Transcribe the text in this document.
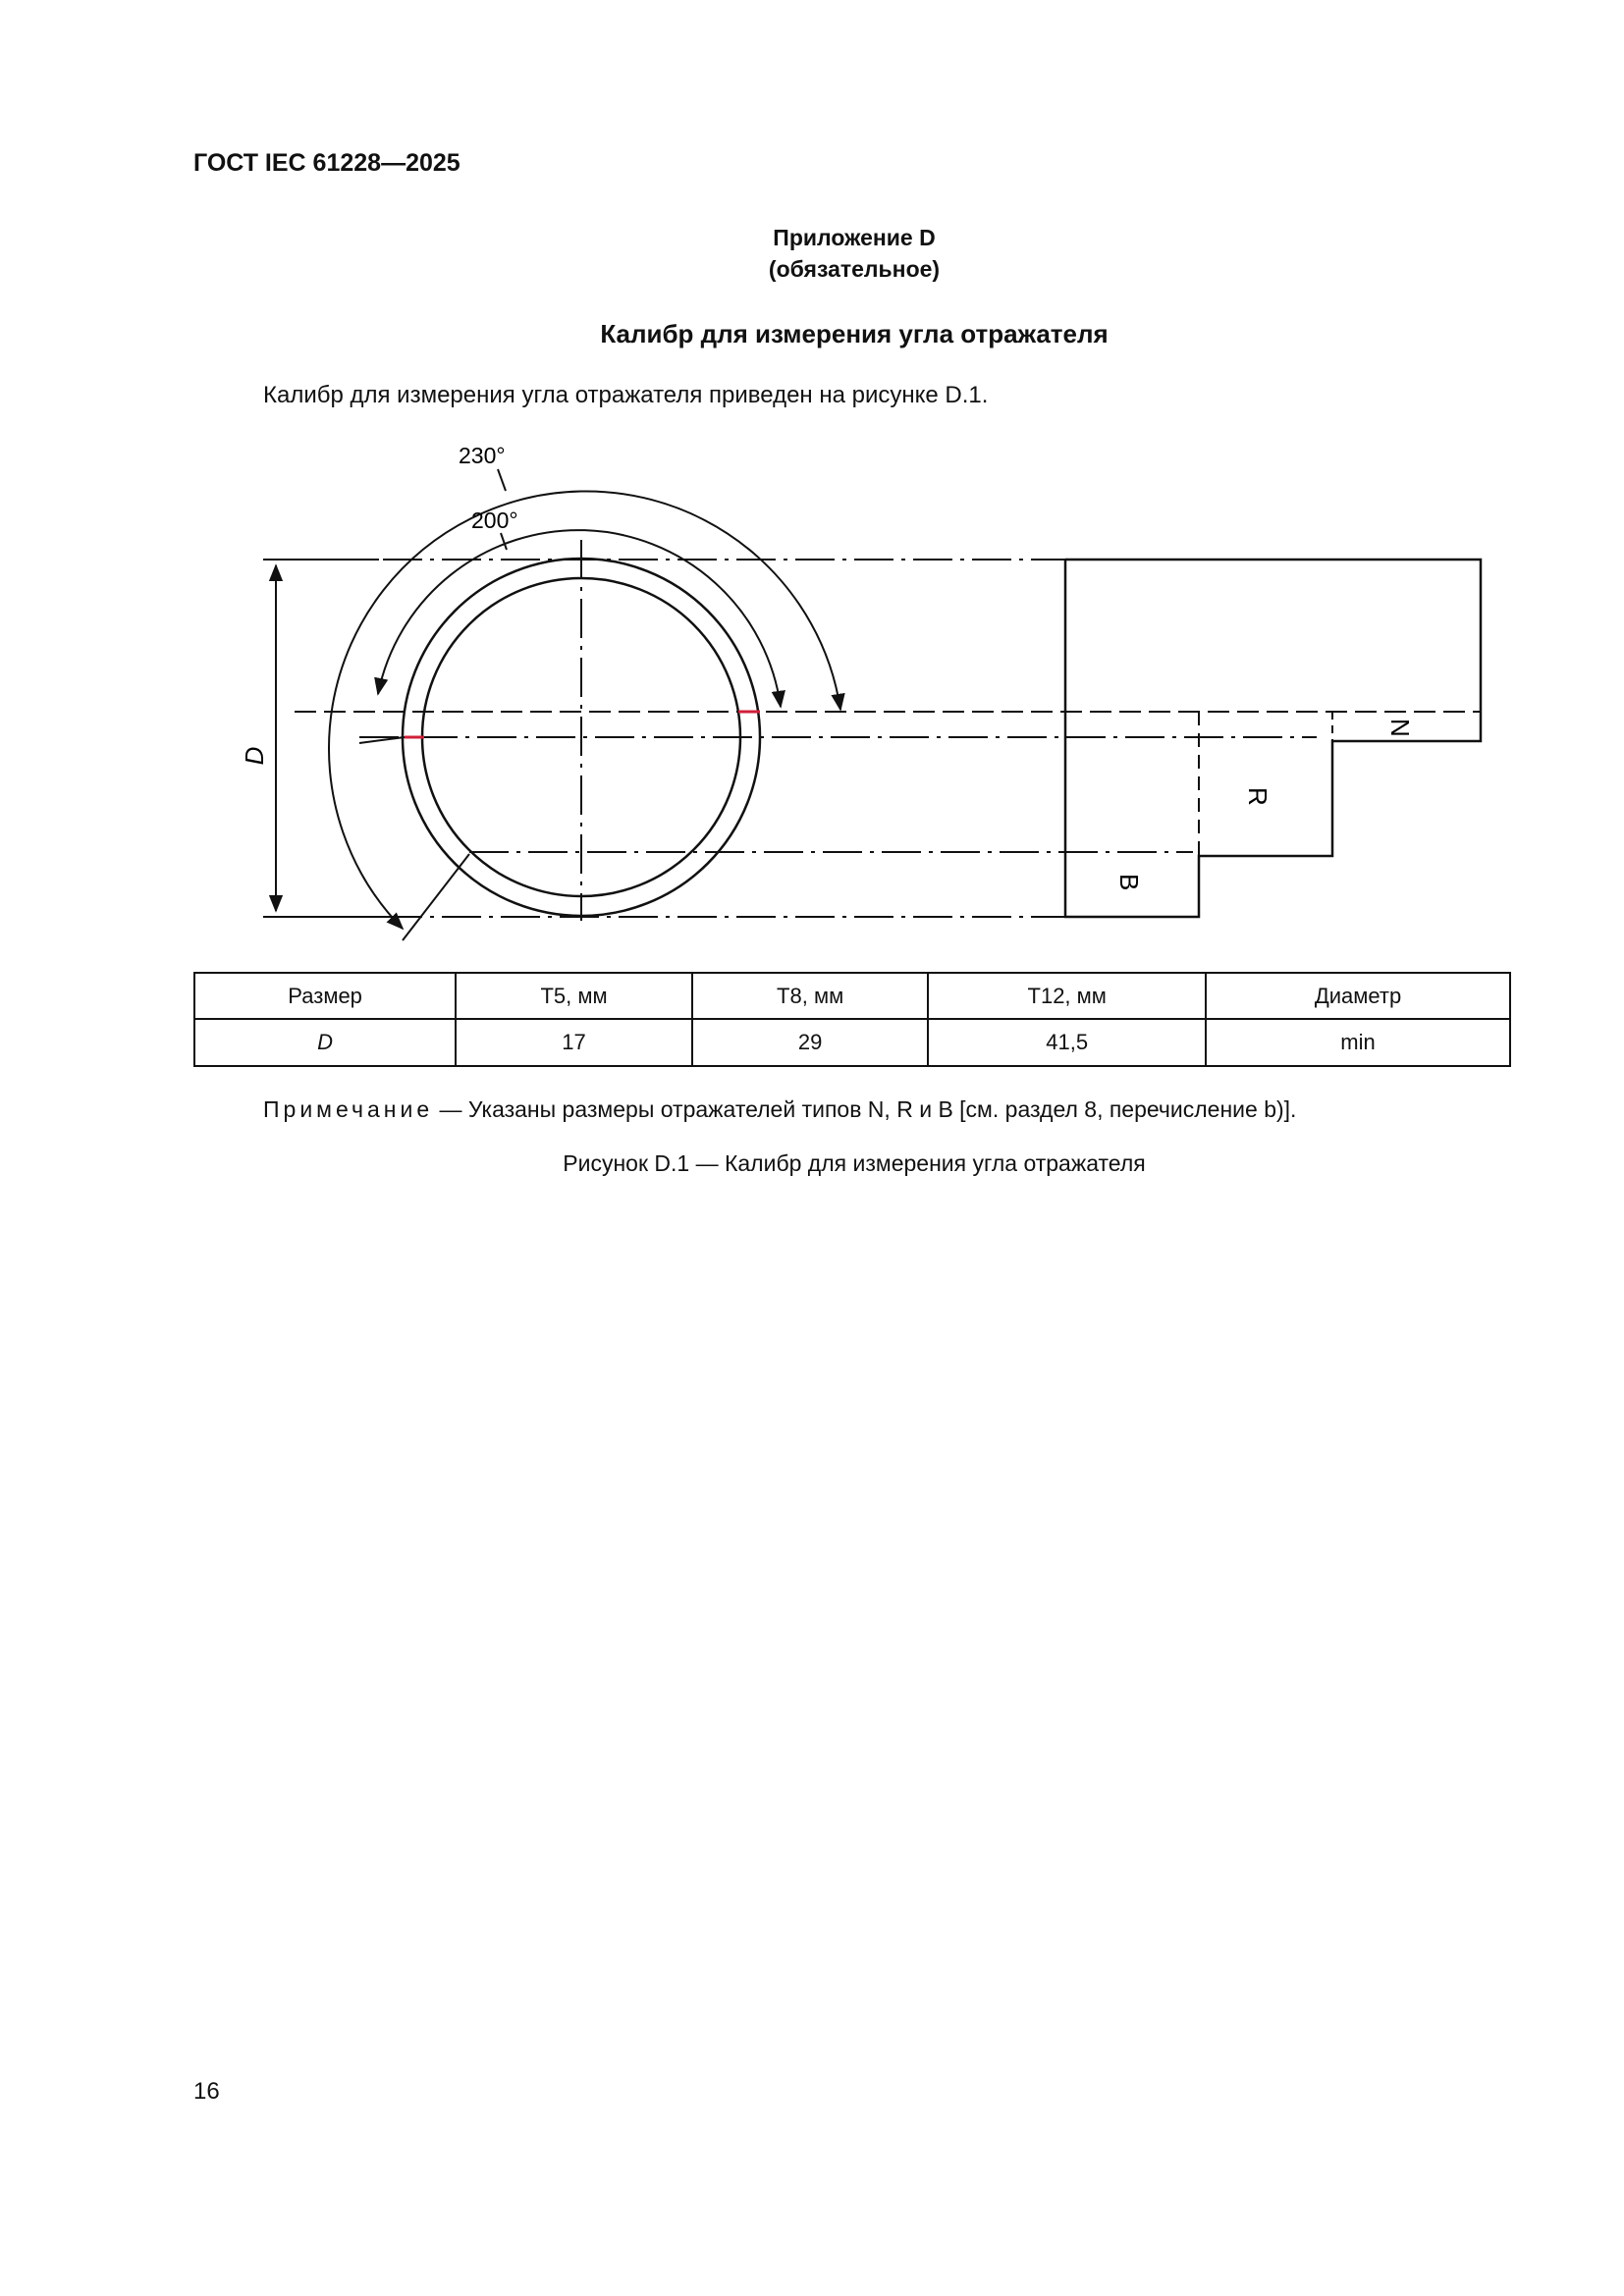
ГОСТ IEC 61228—2025
Приложение D
(обязательное)
Калибр для измерения угла отражателя
Калибр для измерения угла отражателя приведен на рисунке D.1.
D
230°
200°
N
R
B
Размер	T5, мм	T8, мм	T12, мм	Диаметр
D	17	29	41,5	min
Примечание — Указаны размеры отражателей типов N, R и B [см. раздел 8, перечисление b)].
Рисунок D.1 — Калибр для измерения угла отражателя
16
